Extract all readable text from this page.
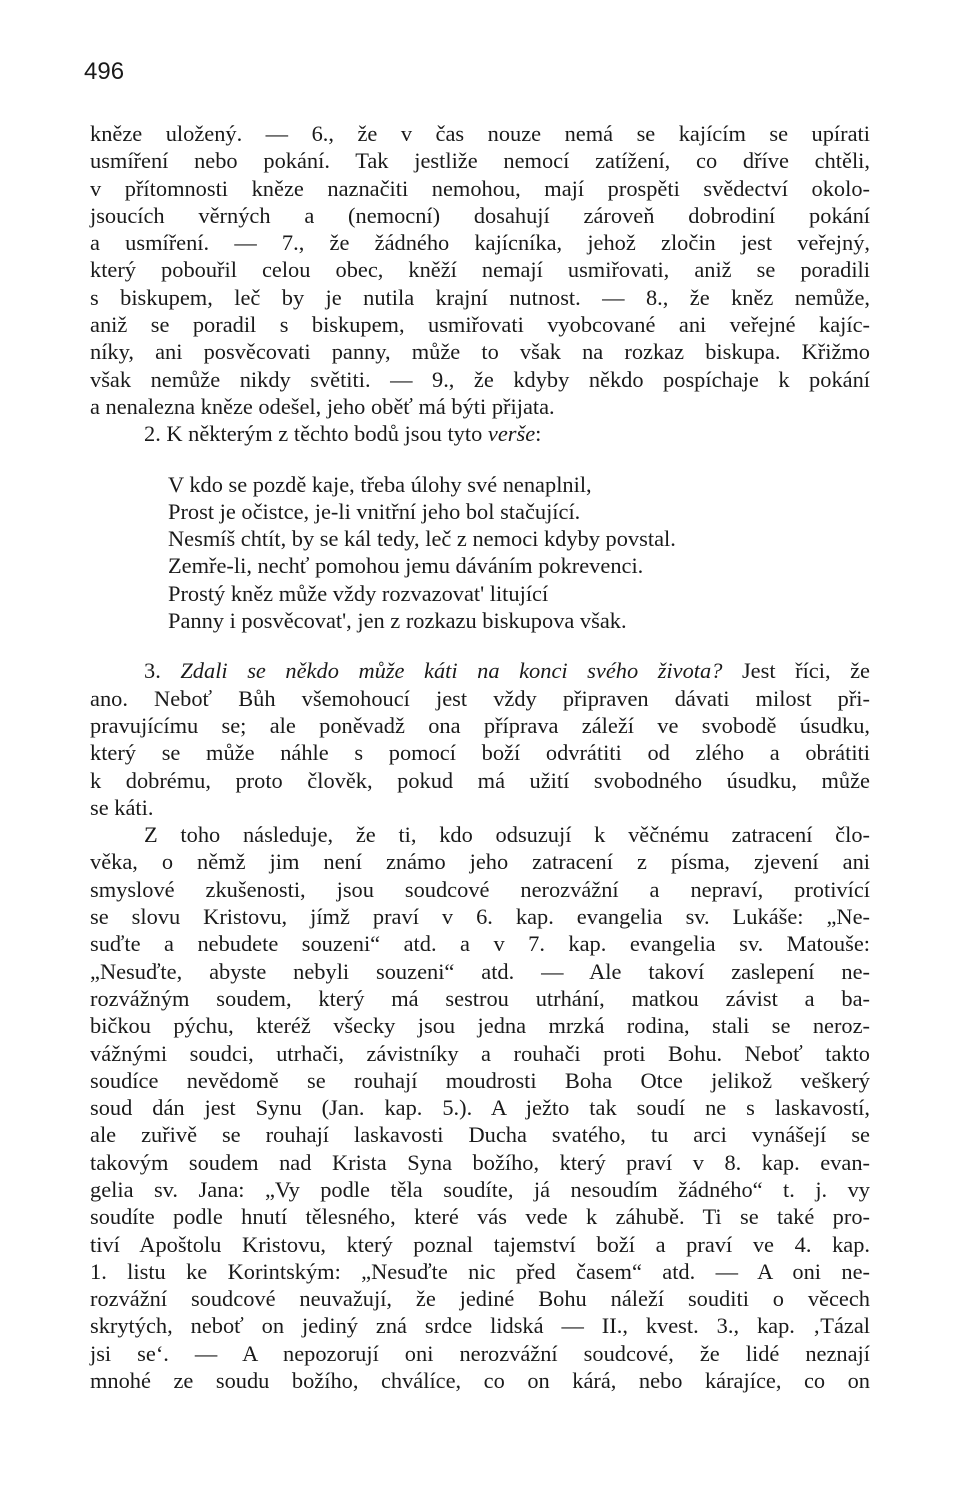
496
kněze uložený. — 6., že v čas nouze nemá se kajícím se upírati
usmíření nebo pokání. Tak jestliže nemocí zatížení, co dříve chtěli,
v přítomnosti kněze naznačiti nemohou, mají prospěti svědectví okolo-
jsoucích věrných a (nemocní) dosahují zároveň dobrodiní pokání
a usmíření. — 7., že žádného kajícníka, jehož zločin jest veřejný,
který pobouřil celou obec, kněží nemají usmiřovati, aniž se poradili
s biskupem, leč by je nutila krajní nutnost. — 8., že kněz nemůže,
aniž se poradil s biskupem, usmiřovati vyobcované ani veřejné kajíc-
níky, ani posvěcovati panny, může to však na rozkaz biskupa. Křižmo
však nemůže nikdy světiti. — 9., že kdyby někdo pospíchaje k pokání
a nenalezna kněze odešel, jeho oběť má býti přijata.
2. K některým z těchto bodů jsou tyto verše:
V kdo se pozdě kaje, třeba úlohy své nenaplnil,
Prost je očistce, je-li vnitřní jeho bol stačující.
Nesmíš chtít, by se kál tedy, leč z nemoci kdyby povstal.
Zemře-li, nechť pomohou jemu dáváním pokrevenci.
Prostý kněz může vždy rozvazovat' litující
Panny i posvěcovat', jen z rozkazu biskupova však.
3. Zdali se někdo může káti na konci svého života? Jest říci, že
ano. Neboť Bůh všemohoucí jest vždy připraven dávati milost při-
pravujícímu se; ale poněvadž ona příprava záleží ve svobodě úsudku,
který se může náhle s pomocí boží odvrátiti od zlého a obrátiti
k dobrému, proto člověk, pokud má užití svobodného úsudku, může
se káti.
Z toho následuje, že ti, kdo odsuzují k věčnému zatracení člo-
věka, o němž jim není známo jeho zatracení z písma, zjevení ani
smyslové zkušenosti, jsou soudcové nerozvážní a nepraví, protivící
se slovu Kristovu, jímž praví v 6. kap. evangelia sv. Lukáše: „Ne-
suďte a nebudete souzeni“ atd. a v 7. kap. evangelia sv. Matouše:
„Nesuďte, abyste nebyli souzeni“ atd. — Ale takoví zaslepení ne-
rozvážným soudem, který má sestrou utrhání, matkou závist a ba-
bičkou pýchu, kteréž všecky jsou jedna mrzká rodina, stali se neroz-
vážnými soudci, utrhači, závistníky a rouhači proti Bohu. Neboť takto
soudíce nevědomě se rouhají moudrosti Boha Otce jelikož veškerý
soud dán jest Synu (Jan. kap. 5.). A ježto tak soudí ne s laskavostí,
ale zuřivě se rouhají laskavosti Ducha svatého, tu arci vynášejí se
takovým soudem nad Krista Syna božího, který praví v 8. kap. evan-
gelia sv. Jana: „Vy podle těla soudíte, já nesoudím žádného“ t. j. vy
soudíte podle hnutí tělesného, které vás vede k záhubě. Ti se také pro-
tiví Apoštolu Kristovu, který poznal tajemství boží a praví ve 4. kap.
1. listu ke Korintským: „Nesuďte nic před časem“ atd. — A oni ne-
rozvážní soudcové neuvažují, že jediné Bohu náleží souditi o věcech
skrytých, neboť on jediný zná srdce lidská — II., kvest. 3., kap. ‚Tázal
jsi se‘. — A nepozorují oni nerozvážní soudcové, že lidé neznají
mnohé ze soudu božího, chválíce, co on kárá, nebo kárajíce, co on
